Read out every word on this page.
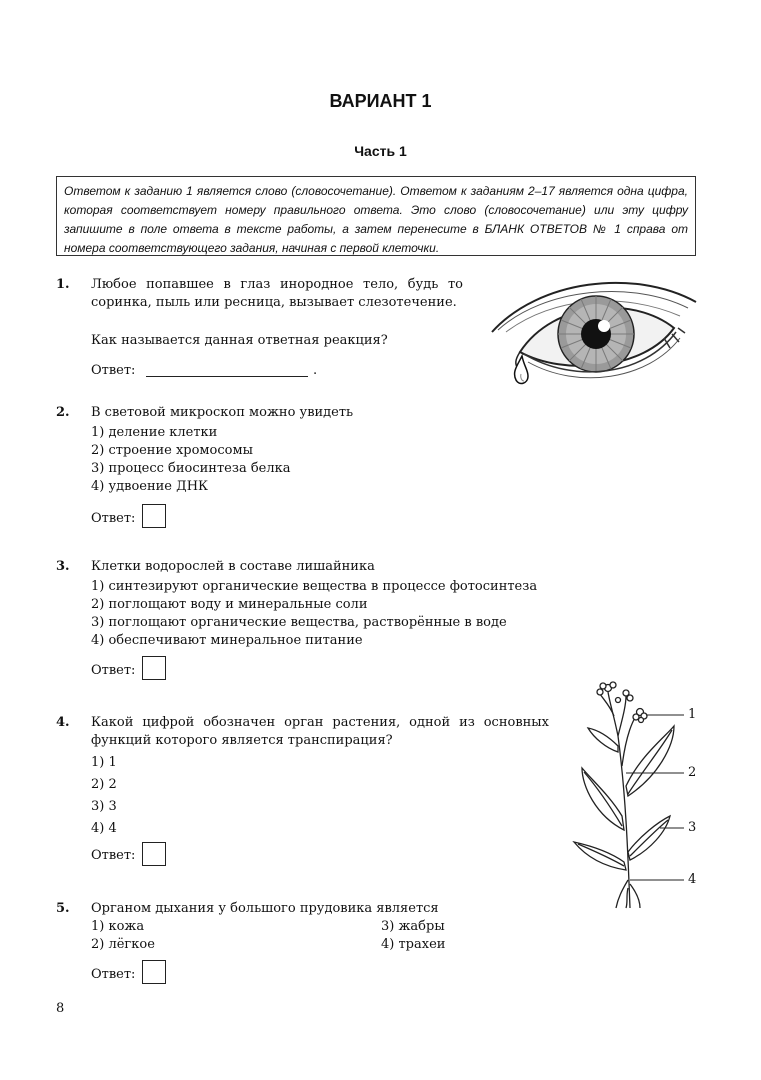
ВАРИАНТ 1
Часть 1
Ответом к заданию 1 является слово (словосочетание). Ответом к заданиям 2–17 является одна цифра, которая соответствует номеру правильного ответа. Это слово (словосочетание) или эту цифру запишите в поле ответа в тексте работы, а затем перенесите в БЛАНК ОТВЕТОВ № 1 справа от номера соответствующего задания, начиная с первой клеточки.
1. Любое попавшее в глаз инородное тело, будь то соринка, пыль или ресница, вызывает слезотечение.
Как называется данная ответная реакция?
Ответ:	.
2. В световой микроскоп можно увидеть
1) деление клетки
2) строение хромосомы
3) процесс биосинтеза белка
4) удвоение ДНК
Ответ:
3. Клетки водорослей в составе лишайника
1) синтезируют органические вещества в процессе фотосинтеза
2) поглощают воду и минеральные соли
3) поглощают органические вещества, растворённые в воде
4) обеспечивают минеральное питание
Ответ:
4. Какой цифрой обозначен орган растения, одной из основных функций которого является транспирация?
1) 1
2) 2
3) 3
4) 4
Ответ:
1
2
3
4
5. Органом дыхания у большого прудовика является
1) кожа
2) лёгкое
3) жабры
4) трахеи
Ответ:
8
